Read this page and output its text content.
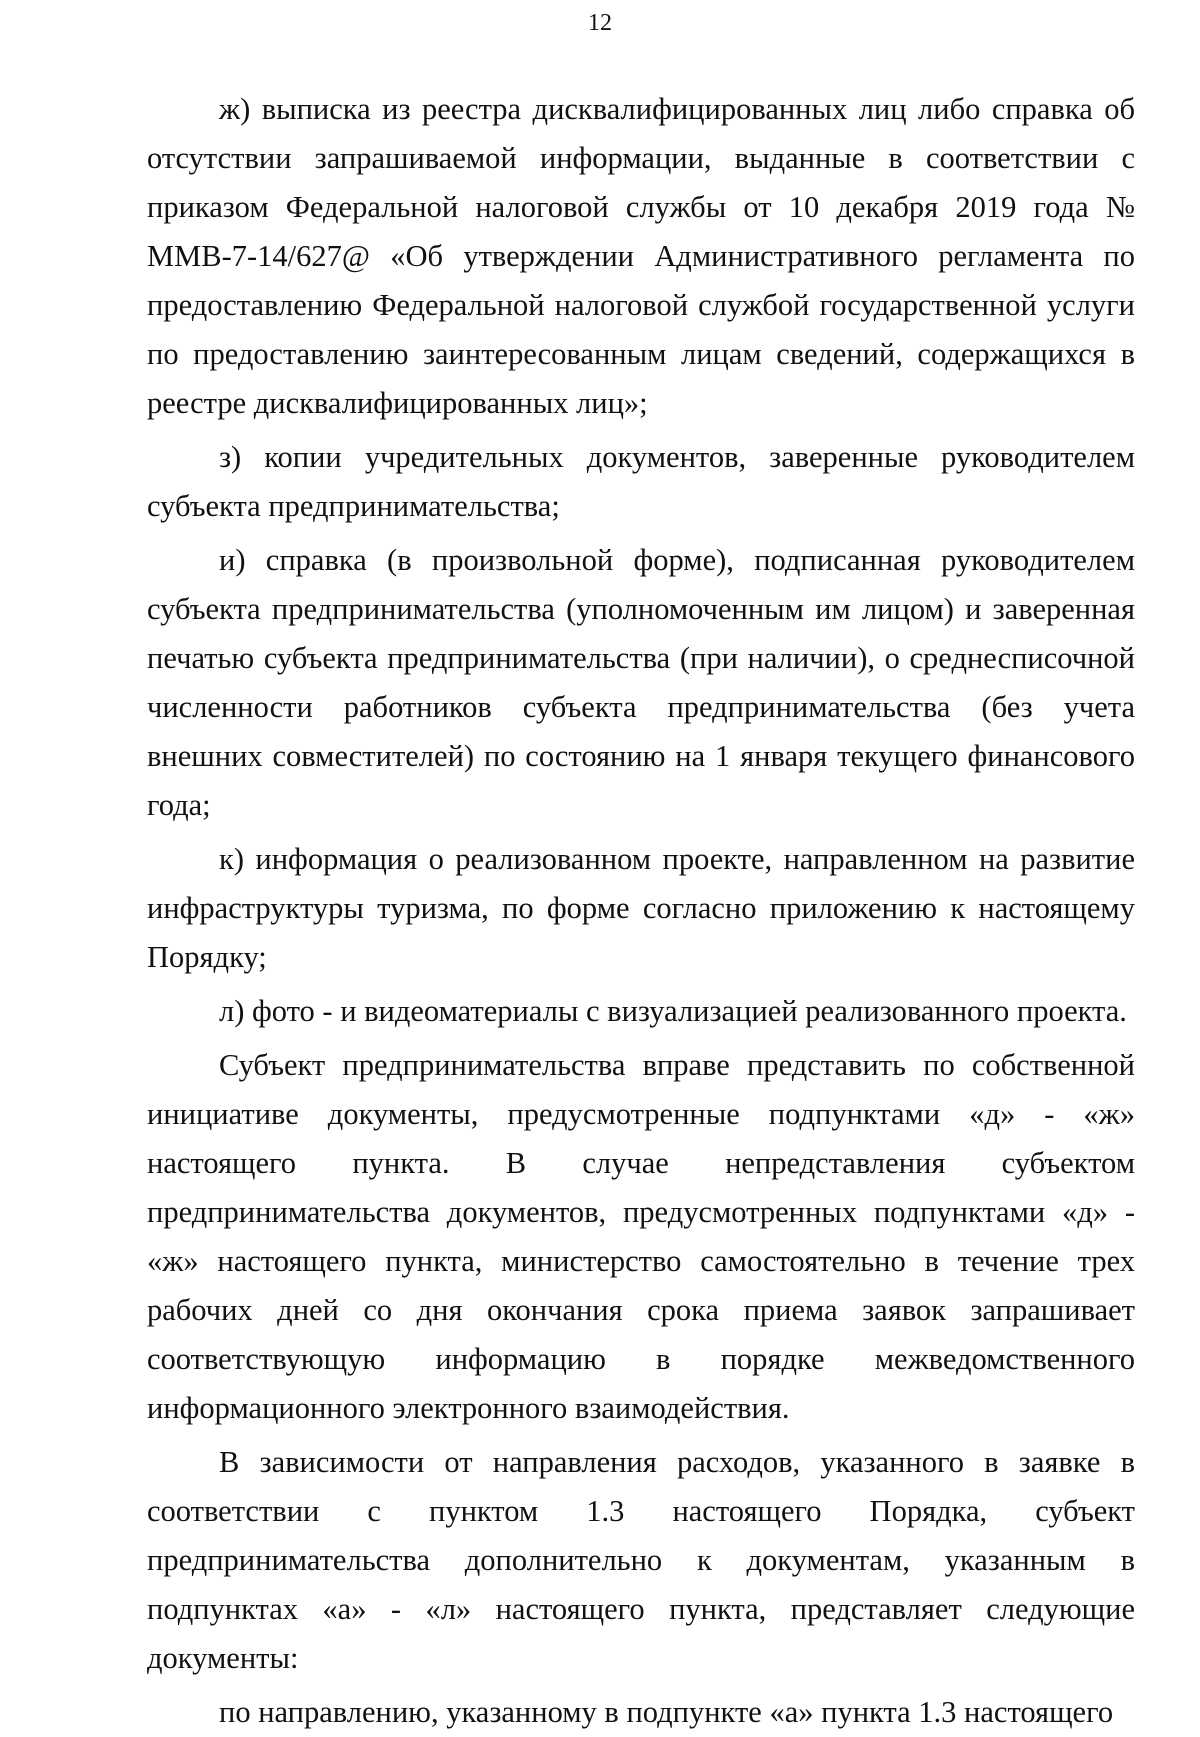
12

ж) выписка из реестра дисквалифицированных лиц либо справка об отсутствии запрашиваемой информации, выданные в соответствии с приказом Федеральной налоговой службы от 10 декабря 2019 года № ММВ-7-14/627@ «Об утверждении Административного регламента по предоставлению Федеральной налоговой службой государственной услуги по предоставлению заинтересованным лицам сведений, содержащихся в реестре дисквалифицированных лиц»;

з) копии учредительных документов, заверенные руководителем субъекта предпринимательства;

и) справка (в произвольной форме), подписанная руководителем субъекта предпринимательства (уполномоченным им лицом) и заверенная печатью субъекта предпринимательства (при наличии), о среднесписочной численности работников субъекта предпринимательства (без учета внешних совместителей) по состоянию на 1 января текущего финансового года;

к) информация о реализованном проекте, направленном на развитие инфраструктуры туризма, по форме согласно приложению к настоящему Порядку;

л) фото - и видеоматериалы с визуализацией реализованного проекта.

Субъект предпринимательства вправе представить по собственной инициативе документы, предусмотренные подпунктами «д» - «ж» настоящего пункта. В случае непредставления субъектом предпринимательства документов, предусмотренных подпунктами «д» - «ж» настоящего пункта, министерство самостоятельно в течение трех рабочих дней со дня окончания срока приема заявок запрашивает соответствующую информацию в порядке межведомственного информационного электронного взаимодействия.

В зависимости от направления расходов, указанного в заявке в соответствии с пунктом 1.3 настоящего Порядка, субъект предпринимательства дополнительно к документам, указанным в подпунктах «а» - «л» настоящего пункта, представляет следующие документы:

по направлению, указанному в подпункте «а» пункта 1.3 настоящего
